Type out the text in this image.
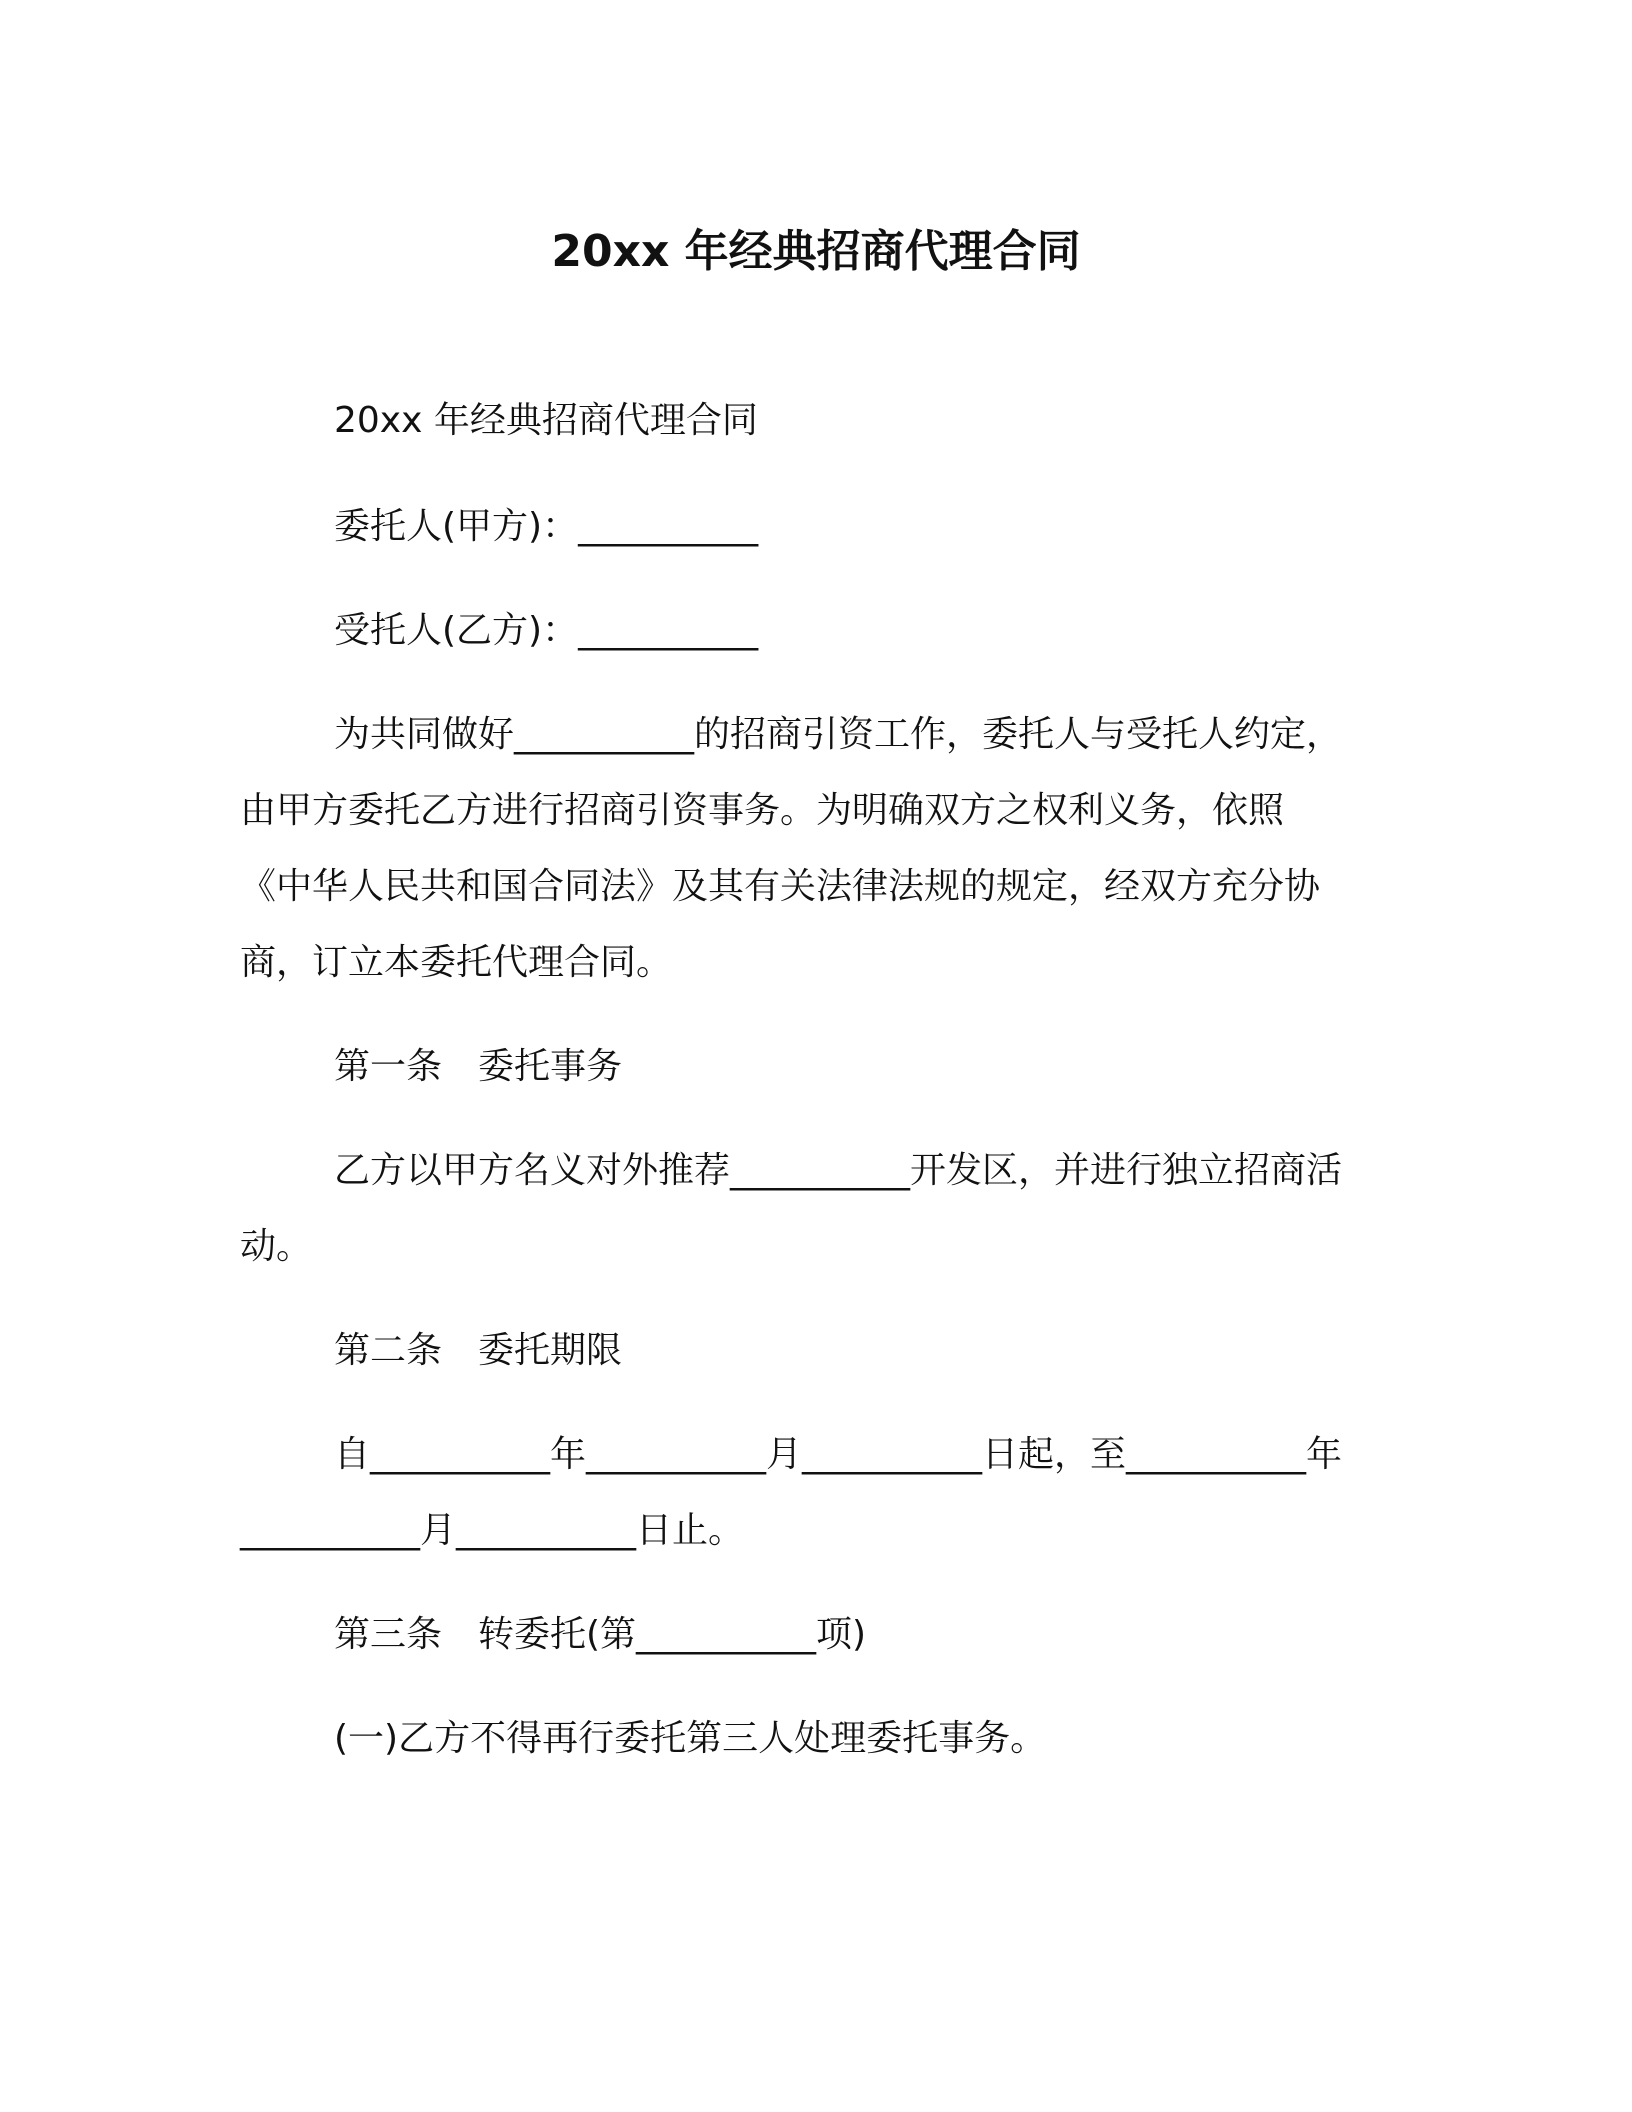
20xx 年经典招商代理合同
20xx 年经典招商代理合同
委托人(甲方)：__________
受托人(乙方)：__________
为共同做好__________的招商引资工作，委托人与受托人约定，
由甲方委托乙方进行招商引资事务。为明确双方之权利义务，依照
《中华人民共和国合同法》及其有关法律法规的规定，经双方充分协
商，订立本委托代理合同。
第一条　委托事务
乙方以甲方名义对外推荐__________开发区，并进行独立招商活
动。
第二条　委托期限
自__________年__________月__________日起，至__________年
__________月__________日止。
第三条　转委托(第__________项)
(一)乙方不得再行委托第三人处理委托事务。
